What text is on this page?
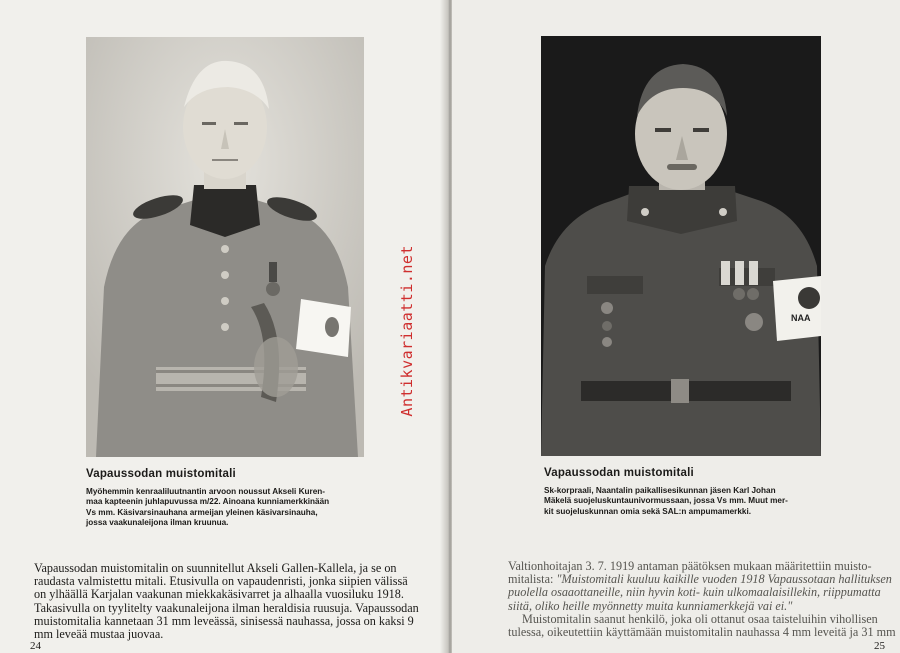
Vapaussodan muistomitali
Myöhemmin kenraaliluutnantin arvoon noussut Akseli Kuren-
maa kapteenin juhlapuvussa m/22. Ainoana kunniamerkkinään
Vs mm. Käsivarsinauhana armeijan yleinen käsivarsinauha,
jossa vaakunaleijona ilman kruunua.
Vapaussodan muistomitalin on suunnitellut Akseli Gallen-Kallela, ja se on
raudasta valmistettu mitali. Etusivulla on vapaudenristi, jonka siipien välissä
on ylhäällä Karjalan vaakunan miekkakäsivarret ja alhaalla vuosiluku 1918.
Takasivulla on tyylitelty vaakunaleijona ilman heraldisia ruusuja. Vapaussodan
muistomitalia kannetaan 31 mm leveässä, sinisessä nauhassa, jossa on kaksi 9
mm leveää mustaa juovaa.
24
NAA
Vapaussodan muistomitali
Sk-korpraali, Naantalin paikallisesikunnan jäsen Karl Johan
Mäkelä suojeluskuntaunivormussaan, jossa Vs mm. Muut mer-
kit suojeluskunnan omia sekä SAL:n ampumamerkki.
Valtionhoitajan 3. 7. 1919 antaman päätöksen mukaan määritettiin muisto-
mitalista: "Muistomitali kuuluu kaikille vuoden 1918 Vapaussotaan hallituksen
puolella osaaottaneille, niin hyvin koti- kuin ulkomaalaisillekin, riippumatta
siitä, oliko heille myönnetty muita kunniamerkkejä vai ei."
Muistomitalin saanut henkilö, joka oli ottanut osaa taisteluihin vihollisen
tulessa, oikeutettiin käyttämään muistomitalin nauhassa 4 mm leveitä ja 31 mm
25
Antikvariaatti.net
